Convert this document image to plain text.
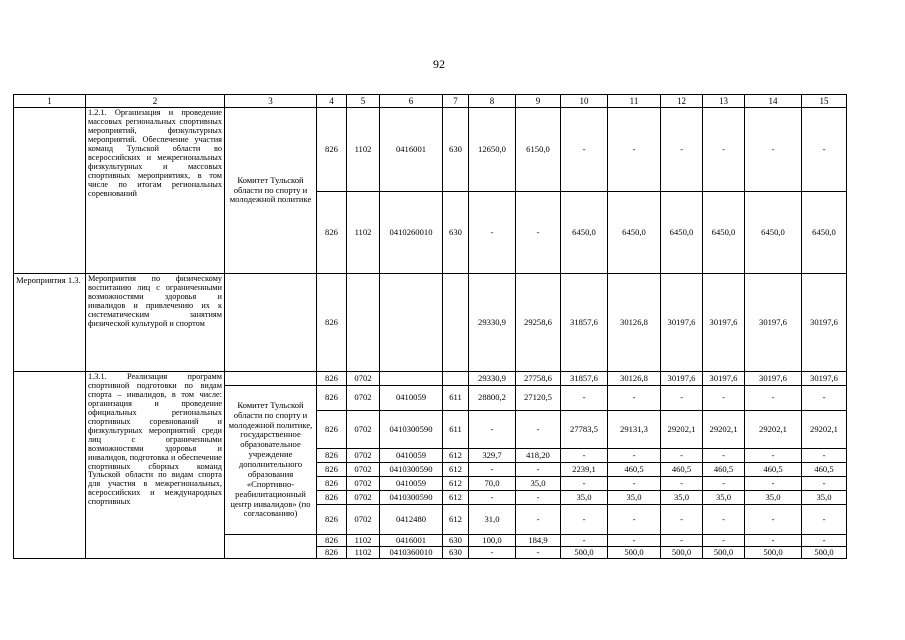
92
1	2	3	4	5	6	7	8	9	10	11	12	13	14	15
	1.2.1. Организация и проведение массовых региональных спортивных мероприятий, физкультурных мероприятий. Обеспечение участия команд Тульской области во всероссийских и межрегиональных физкультурных и массовых спортивных мероприятиях, в том числе по итогам региональных соревнований	Комитет Тульской области по спорту и молодежной политике	826	1102	0416001	630	12650,0	6150,0	-	-	-	-	-	-
			826	1102	0410260010	630	-	-	6450,0	6450,0	6450,0	6450,0	6450,0	6450,0
Мероприятия 1.3.	Мероприятия по физическому воспитанию лиц с ограниченными возможностями здоровья и инвалидов и привлечению их к систематическим занятиям физической культурой и спортом		826				29330,9	29258,6	31857,6	30126,8	30197,6	30197,6	30197,6	30197,6
	1.3.1. Реализация программ спортивной подготовки по видам спорта – инвалидов, в том числе: организация и проведение официальных региональных спортивных соревнований и физкультурных мероприятий среди лиц с ограниченными возможностями здоровья и инвалидов, подготовка и обеспечение спортивных сборных команд Тульской области по видам спорта для участия в межрегиональных, всероссийских и международных спортивных		826	0702			29330,9	27758,6	31857,6	30126,8	30197,6	30197,6	30197,6	30197,6
		Комитет Тульской области по спорту и молодежной политике, государственное образовательное учреждение дополнительного образования «Спортивно-реабилитационный центр инвалидов» (по согласованию)	826	0702	0410059	611	28800,2	27120,5	-	-	-	-	-	-
			826	0702	0410300590	611	-	-	27783,5	29131,3	29202,1	29202,1	29202,1	29202,1
			826	0702	0410059	612	329,7	418,20	-	-	-	-	-	-
			826	0702	0410300590	612	-	-	2239,1	460,5	460,5	460,5	460,5	460,5
			826	0702	0410059	612	70,0	35,0	-	-	-	-	-	-
			826	0702	0410300590	612	-	-	35,0	35,0	35,0	35,0	35,0	35,0
			826	0702	0412480	612	31,0	-	-	-	-	-	-	-
			826	1102	0416001	630	100,0	184,9	-	-	-	-	-	-
			826	1102	0410360010	630	-	-	500,0	500,0	500,0	500,0	500,0	500,0
